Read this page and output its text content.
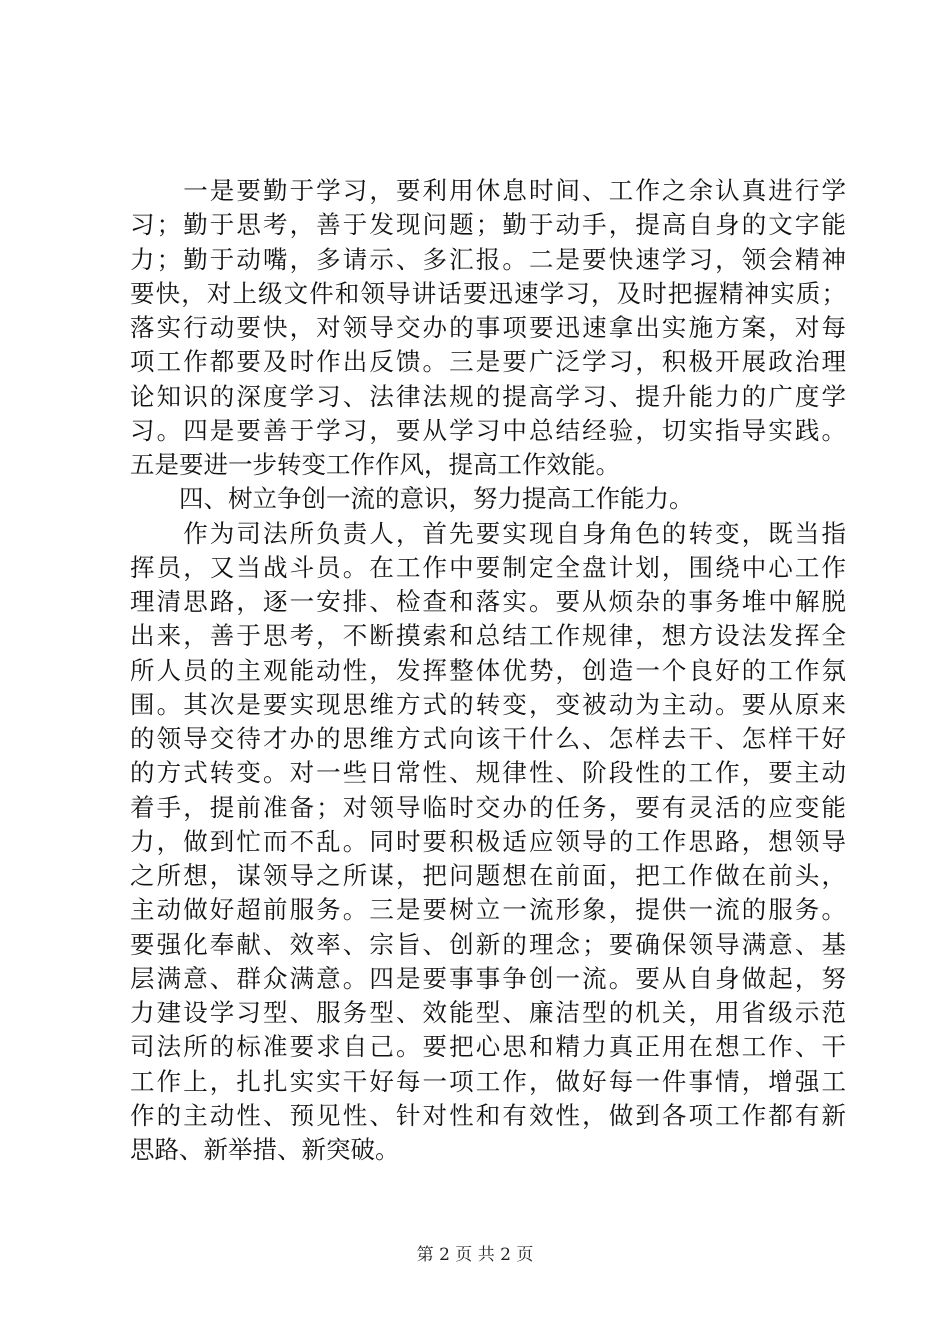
　　一是要勤于学习，要利用休息时间、工作之余认真进行学
习；勤于思考，善于发现问题；勤于动手，提高自身的文字能
力；勤于动嘴，多请示、多汇报。二是要快速学习，领会精神
要快，对上级文件和领导讲话要迅速学习，及时把握精神实质；
落实行动要快，对领导交办的事项要迅速拿出实施方案，对每
项工作都要及时作出反馈。三是要广泛学习，积极开展政治理
论知识的深度学习、法律法规的提高学习、提升能力的广度学
习。四是要善于学习，要从学习中总结经验，切实指导实践。
五是要进一步转变工作作风，提高工作效能。
　　四、树立争创一流的意识，努力提高工作能力。
　　作为司法所负责人，首先要实现自身角色的转变，既当指
挥员，又当战斗员。在工作中要制定全盘计划，围绕中心工作
理清思路，逐一安排、检查和落实。要从烦杂的事务堆中解脱
出来，善于思考，不断摸索和总结工作规律，想方设法发挥全
所人员的主观能动性，发挥整体优势，创造一个良好的工作氛
围。其次是要实现思维方式的转变，变被动为主动。要从原来
的领导交待才办的思维方式向该干什么、怎样去干、怎样干好
的方式转变。对一些日常性、规律性、阶段性的工作，要主动
着手，提前准备；对领导临时交办的任务，要有灵活的应变能
力，做到忙而不乱。同时要积极适应领导的工作思路，想领导
之所想，谋领导之所谋，把问题想在前面，把工作做在前头，
主动做好超前服务。三是要树立一流形象，提供一流的服务。
要强化奉献、效率、宗旨、创新的理念；要确保领导满意、基
层满意、群众满意。四是要事事争创一流。要从自身做起，努
力建设学习型、服务型、效能型、廉洁型的机关，用省级示范
司法所的标准要求自己。要把心思和精力真正用在想工作、干
工作上，扎扎实实干好每一项工作，做好每一件事情，增强工
作的主动性、预见性、针对性和有效性，做到各项工作都有新
思路、新举措、新突破。
第 2 页 共 2 页
